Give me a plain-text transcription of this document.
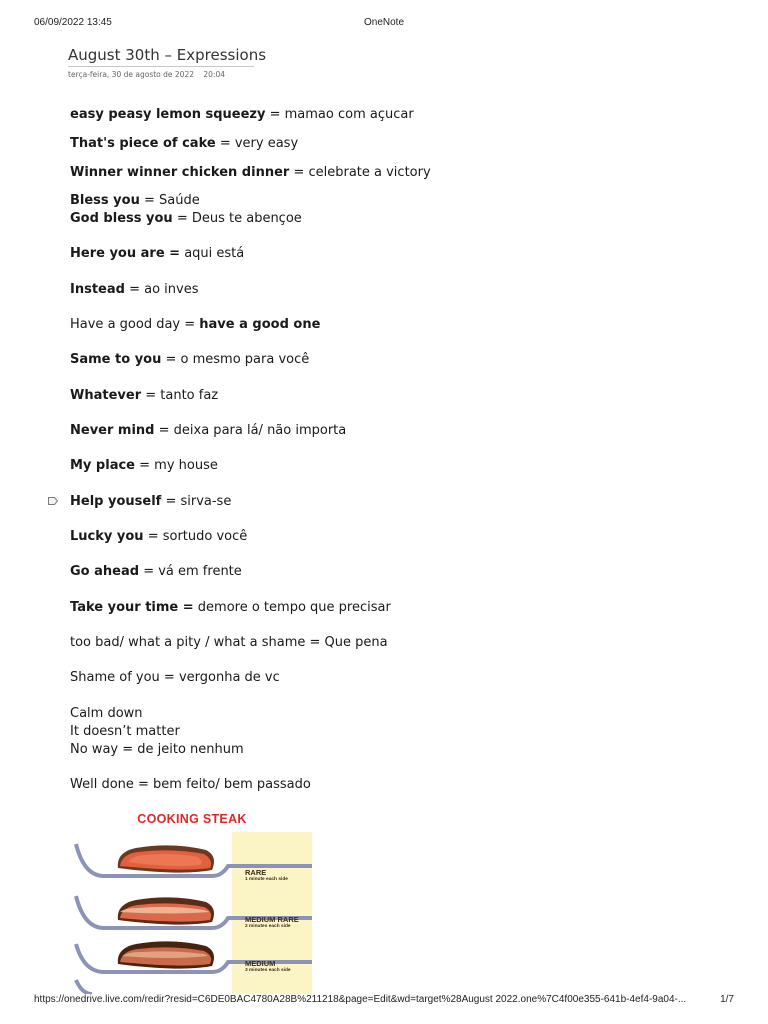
06/09/2022 13:45	OneNote
August 30th – Expressions
terça-feira, 30 de agosto de 2022 20:04
easy peasy lemon squeezy = mamao com açucar
That's piece of cake = very easy
Winner winner chicken dinner = celebrate a victory
Bless you = Saúde
God bless you = Deus te abençoe
Here you are = aqui está
Instead = ao inves
Have a good day = have a good one
Same to you = o mesmo para você
Whatever = tanto faz
Never mind = deixa para lá/ não importa
My place = my house
Help youself = sirva-se
Lucky you = sortudo você
Go ahead = vá em frente
Take your time = demore o tempo que precisar
too bad/ what a pity / what a shame = Que pena
Shame of you = vergonha de vc
Calm down
It doesn’t matter
No way = de jeito nenhum
Well done = bem feito/ bem passado
COOKING STEAK
RARE
1 minute each side
MEDIUM RARE
2 minutes each side
MEDIUM
3 minutes each side
https://onedrive.live.com/redir?resid=C6DE0BAC4780A28B%211218&page=Edit&wd=target%28August 2022.one%7C4f00e355-641b-4ef4-9a04-...	1/7
